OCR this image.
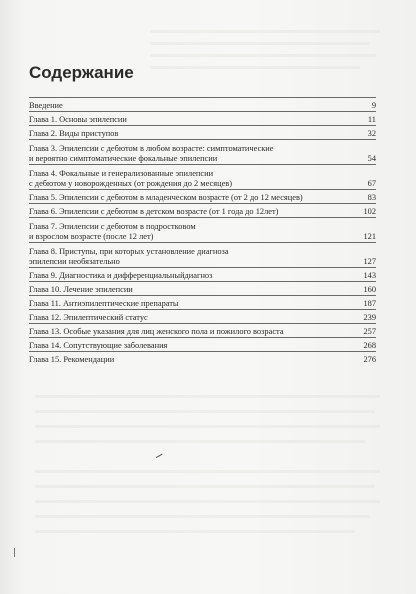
Содержание
Введение	9
Глава 1. Основы эпилепсии	11
Глава 2. Виды приступов	32
Глава 3. Эпилепсии с дебютом в любом возрасте: симптоматические
и вероятно симптоматические фокальные эпилепсии	54
Глава 4. Фокальные и генерализованные эпилепсии
с дебютом у новорожденных (от рождения до 2 месяцев)	67
Глава 5. Эпилепсии с дебютом в младенческом возрасте (от 2 до 12 месяцев)	83
Глава 6. Эпилепсии с дебютом в детском возрасте (от 1 года до 12лет)	102
Глава 7. Эпилепсии с дебютом в подростковом
и взрослом возрасте (после 12 лет)	121
Глава 8. Приступы, при которых установление диагноза
эпилепсии необязательно	127
Глава 9. Диагностика и дифференциальныйдиагноз	143
Глава 10. Лечение эпилепсии	160
Глава 11. Антиэпилептические препараты	187
Глава 12. Эпилептический статус	239
Глава 13. Особые указания для лиц женского пола и пожилого возраста	257
Глава 14. Сопутствующие заболевания	268
Глава 15. Рекомендации	276
